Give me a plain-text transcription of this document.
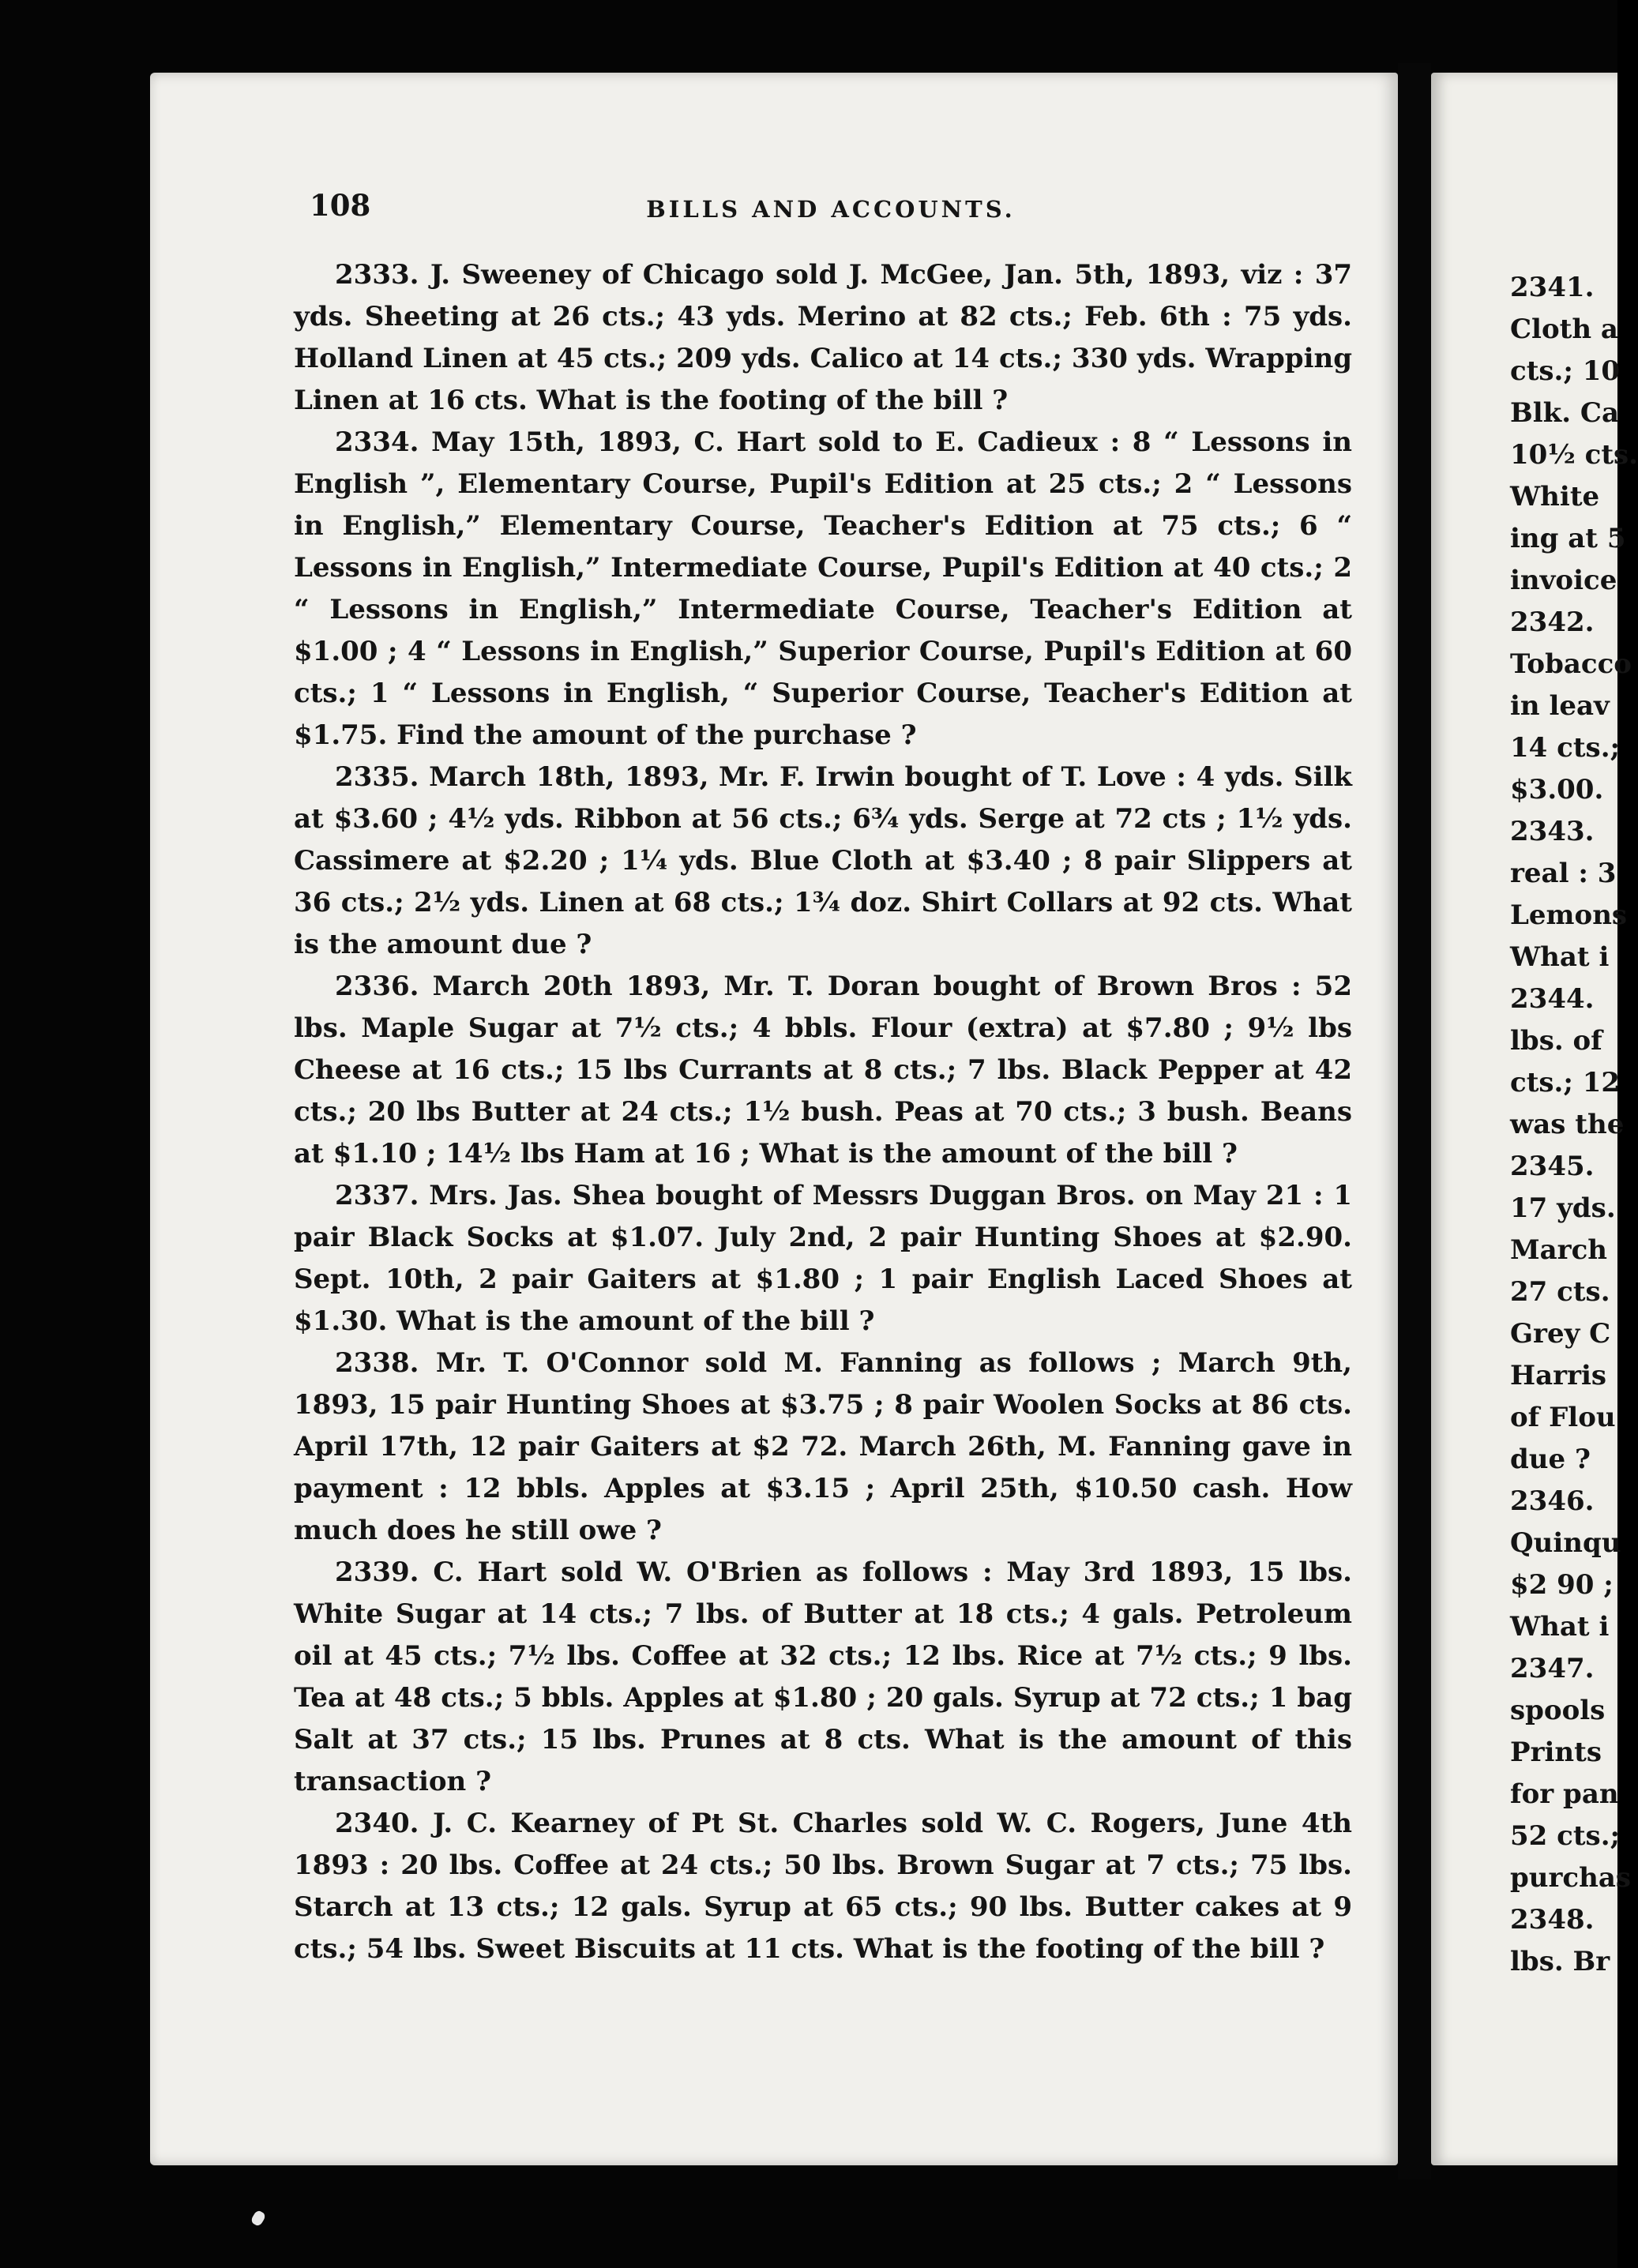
108	BILLS AND ACCOUNTS.

2333. J. Sweeney of Chicago sold J. McGee, Jan. 5th, 1893, viz : 37 yds. Sheeting at 26 cts.; 43 yds. Merino at 82 cts.; Feb. 6th : 75 yds. Holland Linen at 45 cts.; 209 yds. Calico at 14 cts.; 330 yds. Wrapping Linen at 16 cts. What is the footing of the bill ?

2334. May 15th, 1893, C. Hart sold to E. Cadieux : 8 “ Lessons in English ”, Elementary Course, Pupil's Edition at 25 cts.; 2 “ Lessons in English,” Elementary Course, Teacher's Edition at 75 cts.; 6 “ Lessons in English,” Intermediate Course, Pupil's Edition at 40 cts.; 2 “ Lessons in English,” Intermediate Course, Teacher's Edition at $1.00 ; 4 “ Lessons in English,” Superior Course, Pupil's Edition at 60 cts.; 1 “ Lessons in English, “ Superior Course, Teacher's Edition at $1.75. Find the amount of the purchase ?

2335. March 18th, 1893, Mr. F. Irwin bought of T. Love : 4 yds. Silk at $3.60 ; 4½ yds. Ribbon at 56 cts.; 6¾ yds. Serge at 72 cts ; 1½ yds. Cassimere at $2.20 ; 1¼ yds. Blue Cloth at $3.40 ; 8 pair Slippers at 36 cts.; 2½ yds. Linen at 68 cts.; 1¾ doz. Shirt Collars at 92 cts. What is the amount due ?

2336. March 20th 1893, Mr. T. Doran bought of Brown Bros : 52 lbs. Maple Sugar at 7½ cts.; 4 bbls. Flour (extra) at $7.80 ; 9½ lbs Cheese at 16 cts.; 15 lbs Currants at 8 cts.; 7 lbs. Black Pepper at 42 cts.; 20 lbs Butter at 24 cts.; 1½ bush. Peas at 70 cts.; 3 bush. Beans at $1.10 ; 14½ lbs Ham at 16 ; What is the amount of the bill ?

2337. Mrs. Jas. Shea bought of Messrs Duggan Bros. on May 21 : 1 pair Black Socks at $1.07. July 2nd, 2 pair Hunting Shoes at $2.90. Sept. 10th, 2 pair Gaiters at $1.80 ; 1 pair English Laced Shoes at $1.30. What is the amount of the bill ?

2338. Mr. T. O'Connor sold M. Fanning as follows ; March 9th, 1893, 15 pair Hunting Shoes at $3.75 ; 8 pair Woolen Socks at 86 cts. April 17th, 12 pair Gaiters at $2 72. March 26th, M. Fanning gave in payment : 12 bbls. Apples at $3.15 ; April 25th, $10.50 cash. How much does he still owe ?

2339. C. Hart sold W. O'Brien as follows : May 3rd 1893, 15 lbs. White Sugar at 14 cts.; 7 lbs. of Butter at 18 cts.; 4 gals. Petroleum oil at 45 cts.; 7½ lbs. Coffee at 32 cts.; 12 lbs. Rice at 7½ cts.; 9 lbs. Tea at 48 cts.; 5 bbls. Apples at $1.80 ; 20 gals. Syrup at 72 cts.; 1 bag Salt at 37 cts.; 15 lbs. Prunes at 8 cts. What is the amount of this transaction ?

2340. J. C. Kearney of Pt St. Charles sold W. C. Rogers, June 4th 1893 : 20 lbs. Coffee at 24 cts.; 50 lbs. Brown Sugar at 7 cts.; 75 lbs. Starch at 13 cts.; 12 gals. Syrup at 65 cts.; 90 lbs. Butter cakes at 9 cts.; 54 lbs. Sweet Biscuits at 11 cts. What is the footing of the bill ?

2341.
Cloth a
cts.; 10
Blk. Ca
10½ cts.
White
ing at 5
invoice
2342.
Tobacco
in leav
14 cts.;
$3.00.
2343.
real : 3
Lemons
What i
2344.
lbs. of
cts.; 12
was the
2345.
17 yds.
March
27 cts.
Grey C
Harris
of Flou
due ?
2346.
Quinqu
$2 90 ;
What i
2347.
spools
Prints
for pan
52 cts.;
purchas
2348.
lbs. Br
